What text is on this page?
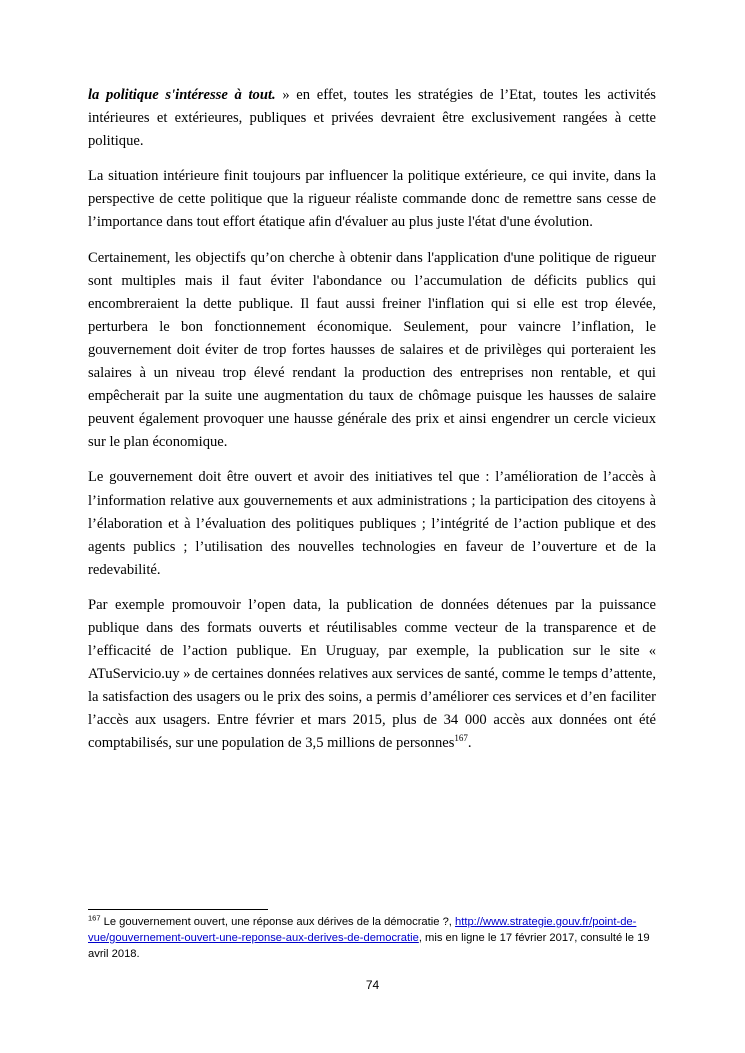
la politique s'intéresse à tout. » en effet, toutes les stratégies de l’Etat, toutes les activités intérieures et extérieures, publiques et privées devraient être exclusivement rangées à cette politique.

La situation intérieure finit toujours par influencer la politique extérieure, ce qui invite, dans la perspective de cette politique que la rigueur réaliste commande donc de remettre sans cesse de l’importance dans tout effort étatique afin d'évaluer au plus juste l'état d'une évolution.

Certainement, les objectifs qu’on cherche à obtenir dans l'application d'une politique de rigueur sont multiples mais il faut éviter l'abondance ou l’accumulation de déficits publics qui encombreraient la dette publique. Il faut aussi freiner l'inflation qui si elle est trop élevée, perturbera le bon fonctionnement économique. Seulement, pour vaincre l’inflation, le gouvernement doit éviter de trop fortes hausses de salaires et de privilèges qui porteraient les salaires à un niveau trop élevé rendant la production des entreprises non rentable, et qui empêcherait par la suite une augmentation du taux de chômage puisque les hausses de salaire peuvent également provoquer une hausse générale des prix et ainsi engendrer un cercle vicieux sur le plan économique.

Le gouvernement doit être ouvert et avoir des initiatives tel que : l’amélioration de l’accès à l’information relative aux gouvernements et aux administrations ; la participation des citoyens à l’élaboration et à l’évaluation des politiques publiques ; l’intégrité de l’action publique et des agents publics ; l’utilisation des nouvelles technologies en faveur de l’ouverture et de la redevabilité.

Par exemple promouvoir l’open data, la publication de données détenues par la puissance publique dans des formats ouverts et réutilisables comme vecteur de la transparence et de l’efficacité de l’action publique. En Uruguay, par exemple, la publication sur le site « ATuServicio.uy » de certaines données relatives aux services de santé, comme le temps d’attente, la satisfaction des usagers ou le prix des soins, a permis d’améliorer ces services et d’en faciliter l’accès aux usagers. Entre février et mars 2015, plus de 34 000 accès aux données ont été comptabilisés, sur une population de 3,5 millions de personnes$^{167}$.

$^{167}$ Le gouvernement ouvert, une réponse aux dérives de la démocratie ?, http://www.strategie.gouv.fr/point-de-vue/gouvernement-ouvert-une-reponse-aux-derives-de-democratie, mis en ligne le 17 février 2017, consulté le 19 avril 2018.
74
